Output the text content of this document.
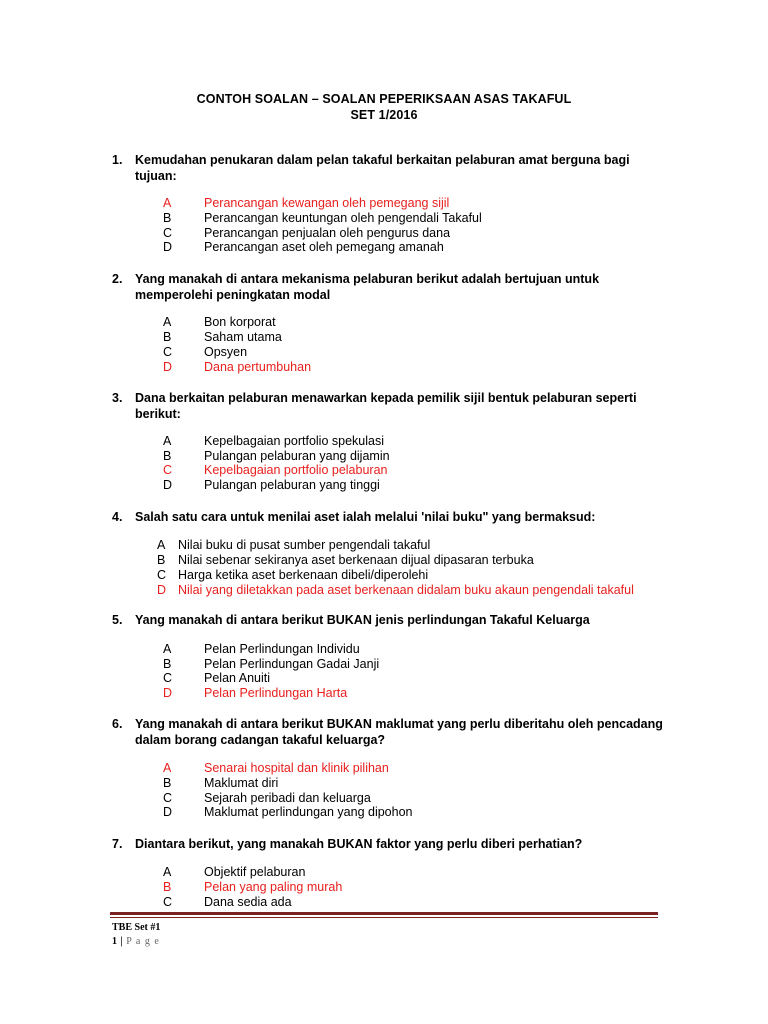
CONTOH SOALAN – SOALAN PEPERIKSAAN ASAS TAKAFUL
SET 1/2016
1. Kemudahan penukaran dalam pelan takaful berkaitan pelaburan amat berguna bagi tujuan:
A	Perancangan kewangan oleh pemegang sijil
B	Perancangan keuntungan oleh pengendali Takaful
C	Perancangan penjualan oleh pengurus dana
D	Perancangan aset oleh pemegang amanah
2. Yang manakah di antara mekanisma pelaburan berikut adalah bertujuan untuk memperolehi peningkatan modal
A	Bon korporat
B	Saham utama
C	Opsyen
D	Dana pertumbuhan
3. Dana berkaitan pelaburan menawarkan kepada pemilik sijil bentuk pelaburan seperti berikut:
A	Kepelbagaian portfolio spekulasi
B	Pulangan pelaburan yang dijamin
C	Kepelbagaian portfolio pelaburan
D	Pulangan pelaburan yang tinggi
4. Salah satu cara untuk menilai aset ialah melalui 'nilai buku" yang bermaksud:
A Nilai buku di pusat sumber pengendali takaful
B Nilai sebenar sekiranya aset berkenaan dijual dipasaran terbuka
C Harga ketika aset berkenaan dibeli/diperolehi
D Nilai yang diletakkan pada aset berkenaan didalam buku akaun pengendali takaful
5. Yang manakah di antara berikut BUKAN jenis perlindungan Takaful Keluarga
A	Pelan Perlindungan Individu
B	Pelan Perlindungan Gadai Janji
C	Pelan Anuiti
D	Pelan Perlindungan Harta
6. Yang manakah di antara berikut BUKAN maklumat yang perlu diberitahu oleh pencadang dalam borang cadangan takaful keluarga?
A	Senarai hospital dan klinik pilihan
B	Maklumat diri
C	Sejarah peribadi dan keluarga
D	Maklumat perlindungan yang dipohon
7. Diantara berikut, yang manakah BUKAN faktor yang perlu diberi perhatian?
A	Objektif pelaburan
B	Pelan yang paling murah
C	Dana sedia ada
TBE Set #1
1 | P a g e
